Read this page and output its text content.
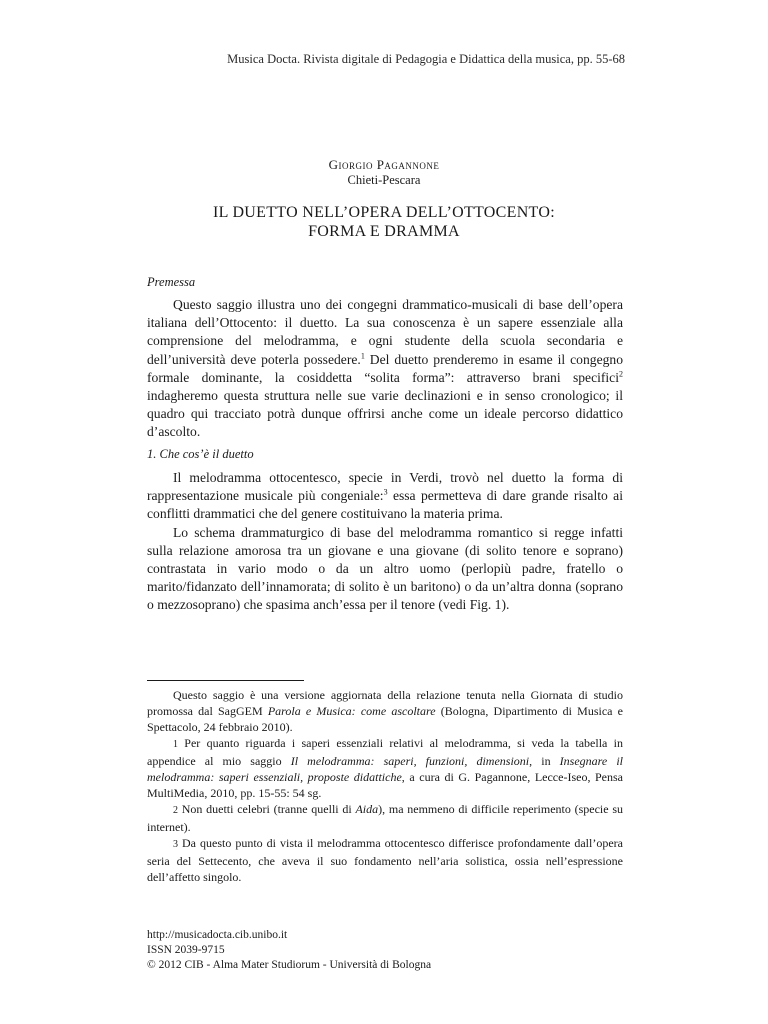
Musica Docta. Rivista digitale di Pedagogia e Didattica della musica, pp. 55-68
Giorgio Pagannone
Chieti-Pescara
IL DUETTO NELL’OPERA DELL’OTTOCENTO:
FORMA E DRAMMA
Premessa

Questo saggio illustra uno dei congegni drammatico-musicali di base dell’opera italiana dell’Ottocento: il duetto. La sua conoscenza è un sapere essenziale alla comprensione del melodramma, e ogni studente della scuola secondaria e dell’università deve poterla possedere.$^1$ Del duetto prenderemo in esame il congegno formale dominante, la cosiddetta “solita forma”: attraverso brani specifici$^2$ indagheremo questa struttura nelle sue varie declinazioni e in senso cronologico; il quadro qui tracciato potrà dunque offrirsi anche come un ideale percorso didattico d’ascolto.

1. Che cos’è il duetto

Il melodramma ottocentesco, specie in Verdi, trovò nel duetto la forma di rappresentazione musicale più congeniale:$^3$ essa permetteva di dare grande risalto ai conflitti drammatici che del genere costituivano la materia prima.

Lo schema drammaturgico di base del melodramma romantico si regge infatti sulla relazione amorosa tra un giovane e una giovane (di solito tenore e soprano) contrastata in vario modo o da un altro uomo (perlopiù padre, fratello o marito/fidanzato dell’innamorata; di solito è un baritono) o da un’altra donna (soprano o mezzosoprano) che spasima anch’essa per il tenore (vedi Fig. 1).

Questo saggio è una versione aggiornata della relazione tenuta nella Giornata di studio promossa dal SagGEM Parola e Musica: come ascoltare (Bologna, Dipartimento di Musica e Spettacolo, 24 febbraio 2010).

1 Per quanto riguarda i saperi essenziali relativi al melodramma, si veda la tabella in appendice al mio saggio Il melodramma: saperi, funzioni, dimensioni, in Insegnare il melodramma: saperi essenziali, proposte didattiche, a cura di G. Pagannone, Lecce-Iseo, Pensa MultiMedia, 2010, pp. 15-55: 54 sg.

2 Non duetti celebri (tranne quelli di Aida), ma nemmeno di difficile reperimento (specie su internet).

3 Da questo punto di vista il melodramma ottocentesco differisce profondamente dall’opera seria del Settecento, che aveva il suo fondamento nell’aria solistica, ossia nell’espressione dell’affetto singolo.

http://musicadocta.cib.unibo.it
ISSN 2039-9715
© 2012 CIB - Alma Mater Studiorum - Università di Bologna
